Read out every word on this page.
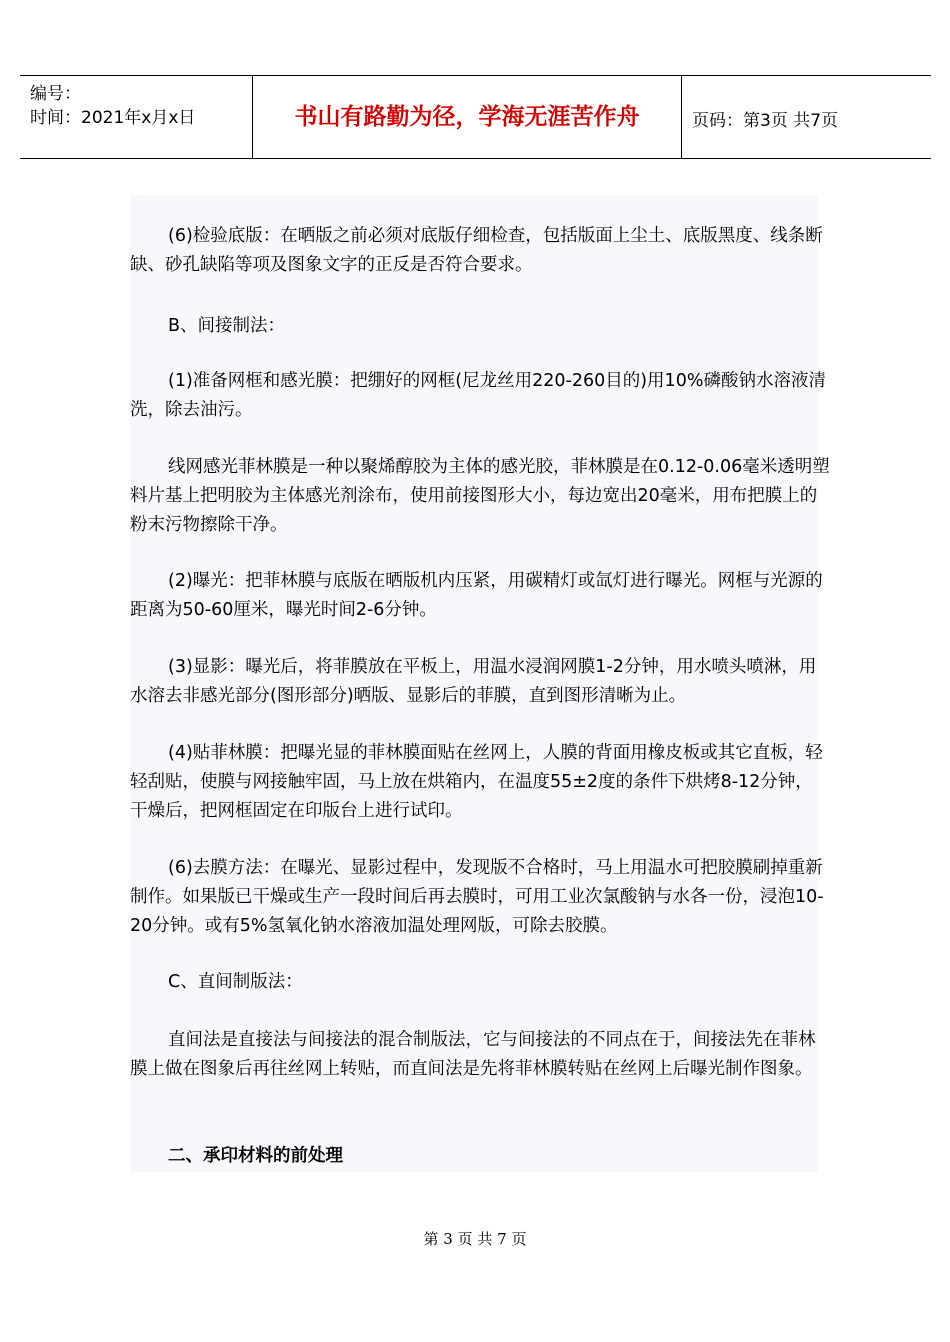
编号：
时间：2021年x月x日	书山有路勤为径，学海无涯苦作舟	页码：第3页 共7页

(6)检验底版：在晒版之前必须对底版仔细检查，包括版面上尘土、底版黑度、线条断缺、砂孔缺陷等项及图象文字的正反是否符合要求。

B、间接制法：

(1)准备网框和感光膜：把绷好的网框(尼龙丝用220-260目的)用10%磷酸钠水溶液清洗，除去油污。

线网感光菲林膜是一种以聚烯醇胶为主体的感光胶，菲林膜是在0.12-0.06毫米透明塑料片基上把明胶为主体感光剂涂布，使用前接图形大小，每边宽出20毫米，用布把膜上的粉末污物擦除干净。

(2)曝光：把菲林膜与底版在晒版机内压紧，用碳精灯或氙灯进行曝光。网框与光源的距离为50-60厘米，曝光时间2-6分钟。

(3)显影：曝光后，将菲膜放在平板上，用温水浸润网膜1-2分钟，用水喷头喷淋，用水溶去非感光部分(图形部分)晒版、显影后的菲膜，直到图形清晰为止。

(4)贴菲林膜：把曝光显的菲林膜面贴在丝网上，人膜的背面用橡皮板或其它直板，轻轻刮贴，使膜与网接触牢固，马上放在烘箱内，在温度55±2度的条件下烘烤8-12分钟，干燥后，把网框固定在印版台上进行试印。

(6)去膜方法：在曝光、显影过程中，发现版不合格时，马上用温水可把胶膜刷掉重新制作。如果版已干燥或生产一段时间后再去膜时，可用工业次氯酸钠与水各一份，浸泡10-20分钟。或有5%氢氧化钠水溶液加温处理网版，可除去胶膜。

C、直间制版法：

直间法是直接法与间接法的混合制版法，它与间接法的不同点在于，间接法先在菲林膜上做在图象后再往丝网上转贴，而直间法是先将菲林膜转贴在丝网上后曝光制作图象。

二、承印材料的前处理

第 3 页 共 7 页
